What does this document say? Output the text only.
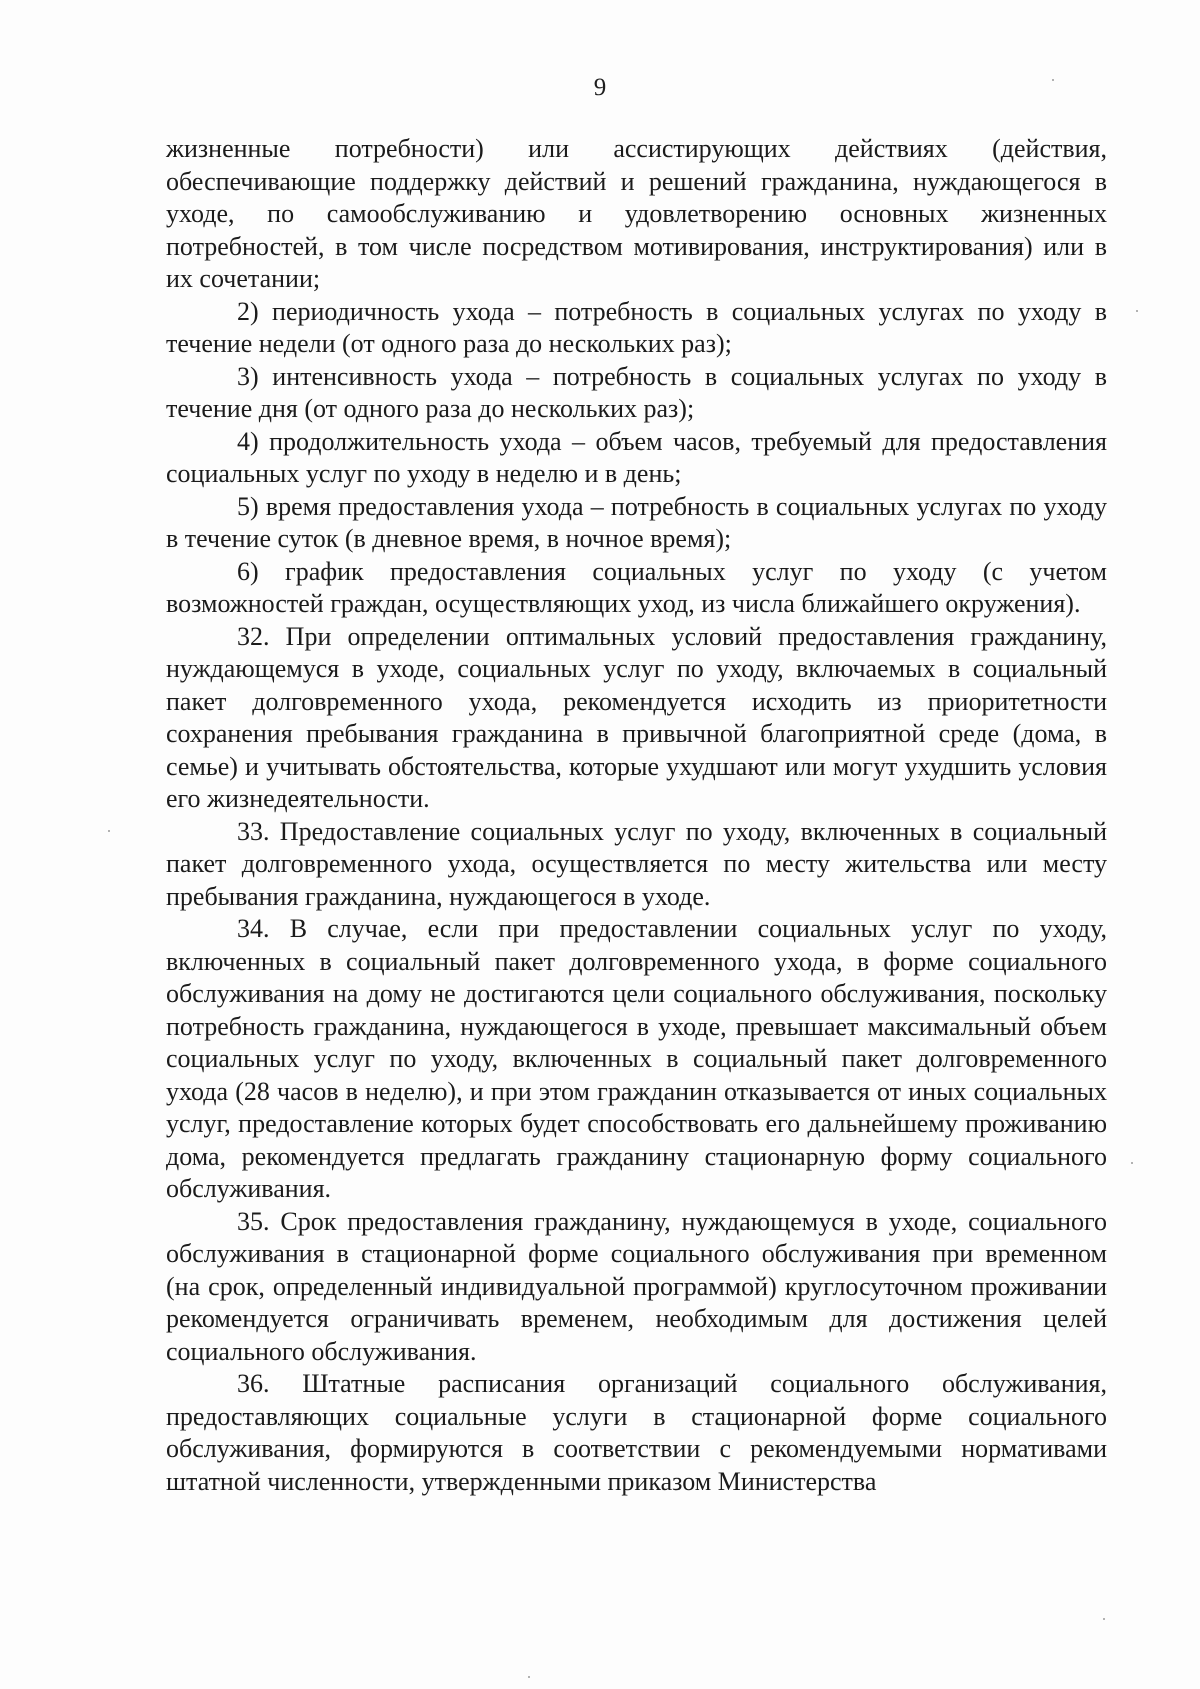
9

жизненные потребности) или ассистирующих действиях (действия, обеспечивающие поддержку действий и решений гражданина, нуждающегося в уходе, по самообслуживанию и удовлетворению основных жизненных потребностей, в том числе посредством мотивирования, инструктирования) или в их сочетании;

2) периодичность ухода – потребность в социальных услугах по уходу в течение недели (от одного раза до нескольких раз);

3) интенсивность ухода – потребность в социальных услугах по уходу в течение дня (от одного раза до нескольких раз);

4) продолжительность ухода – объем часов, требуемый для предоставления социальных услуг по уходу в неделю и в день;

5) время предоставления ухода – потребность в социальных услугах по уходу в течение суток (в дневное время, в ночное время);

6) график предоставления социальных услуг по уходу (с учетом возможностей граждан, осуществляющих уход, из числа ближайшего окружения).

32. При определении оптимальных условий предоставления гражданину, нуждающемуся в уходе, социальных услуг по уходу, включаемых в социальный пакет долговременного ухода, рекомендуется исходить из приоритетности сохранения пребывания гражданина в привычной благоприятной среде (дома, в семье) и учитывать обстоятельства, которые ухудшают или могут ухудшить условия его жизнедеятельности.

33. Предоставление социальных услуг по уходу, включенных в социальный пакет долговременного ухода, осуществляется по месту жительства или месту пребывания гражданина, нуждающегося в уходе.

34. В случае, если при предоставлении социальных услуг по уходу, включенных в социальный пакет долговременного ухода, в форме социального обслуживания на дому не достигаются цели социального обслуживания, поскольку потребность гражданина, нуждающегося в уходе, превышает максимальный объем социальных услуг по уходу, включенных в социальный пакет долговременного ухода (28 часов в неделю), и при этом гражданин отказывается от иных социальных услуг, предоставление которых будет способствовать его дальнейшему проживанию дома, рекомендуется предлагать гражданину стационарную форму социального обслуживания.

35. Срок предоставления гражданину, нуждающемуся в уходе, социального обслуживания в стационарной форме социального обслуживания при временном (на срок, определенный индивидуальной программой) круглосуточном проживании рекомендуется ограничивать временем, необходимым для достижения целей социального обслуживания.

36. Штатные расписания организаций социального обслуживания, предоставляющих социальные услуги в стационарной форме социального обслуживания, формируются в соответствии с рекомендуемыми нормативами штатной численности, утвержденными приказом Министерства
